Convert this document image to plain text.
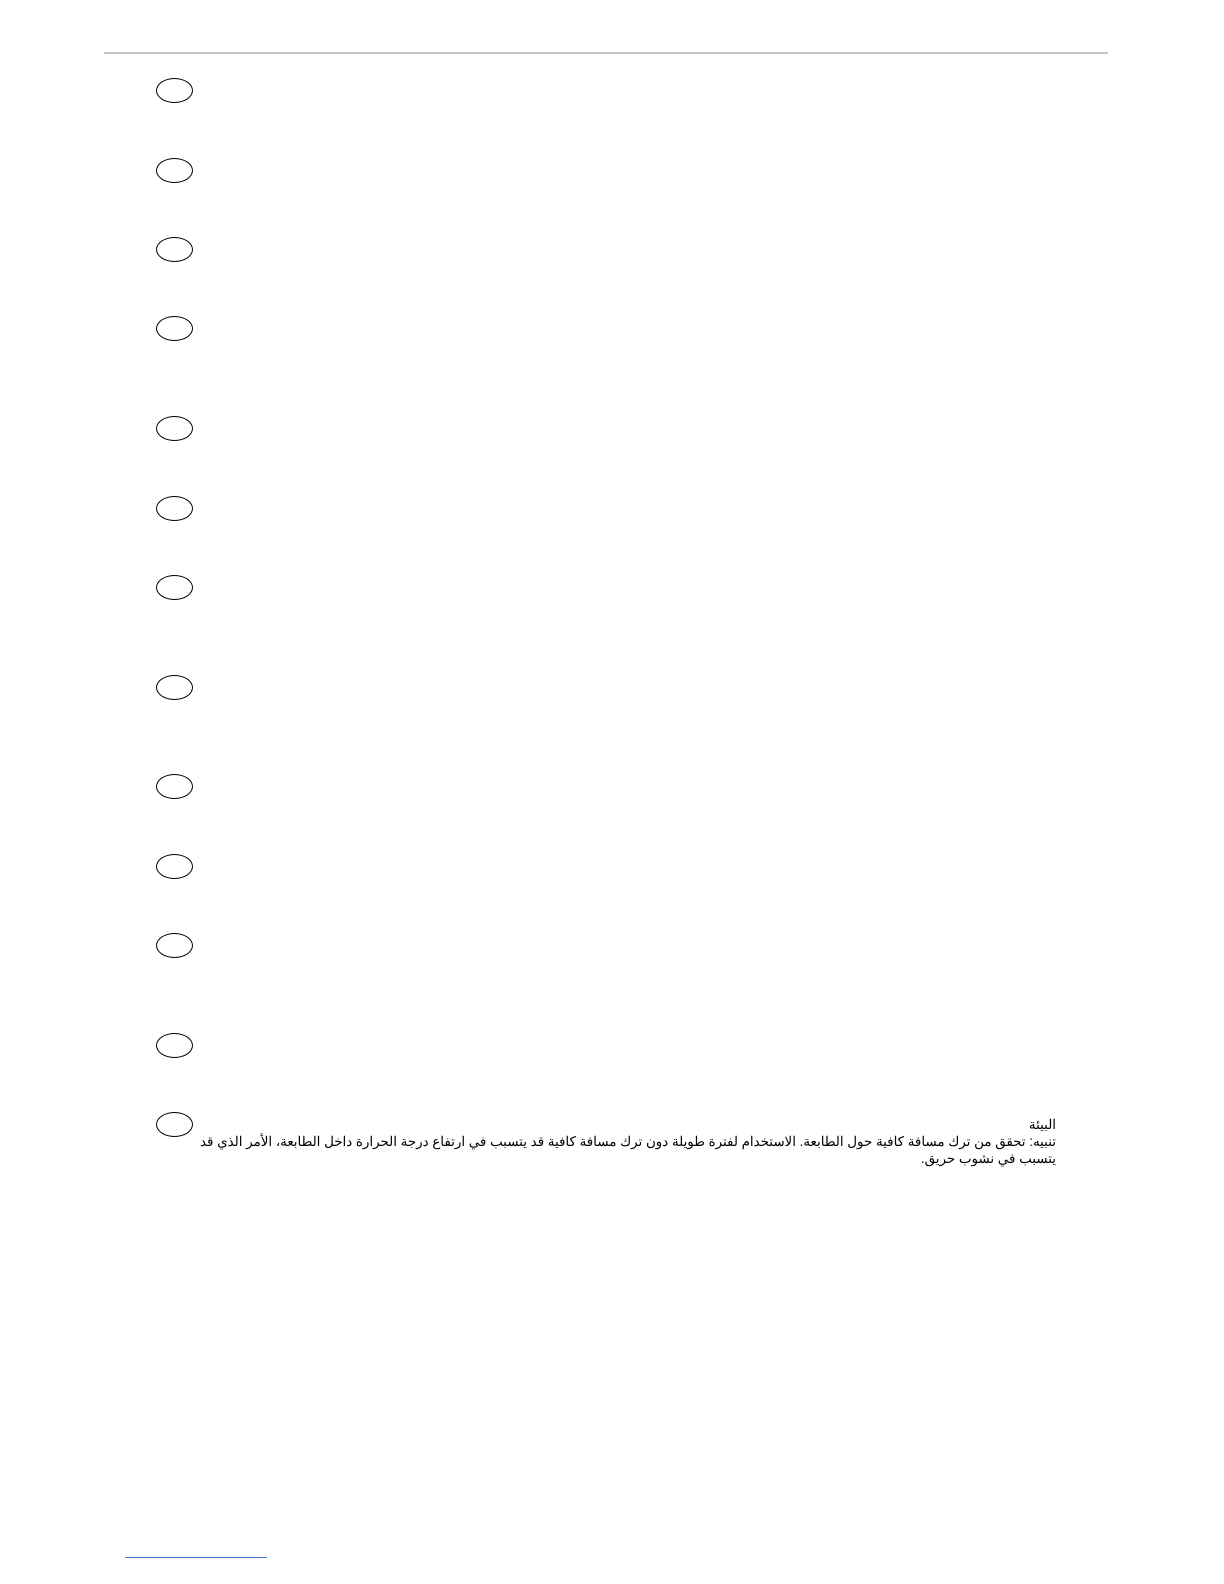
البيئة
تنبيه: تحقق من ترك مسافة كافية حول الطابعة. الاستخدام لفترة طويلة دون ترك مسافة كافية قد يتسبب في ارتفاع درجة الحرارة داخل الطابعة، الأمر الذي قد يتسبب في نشوب حريق.
